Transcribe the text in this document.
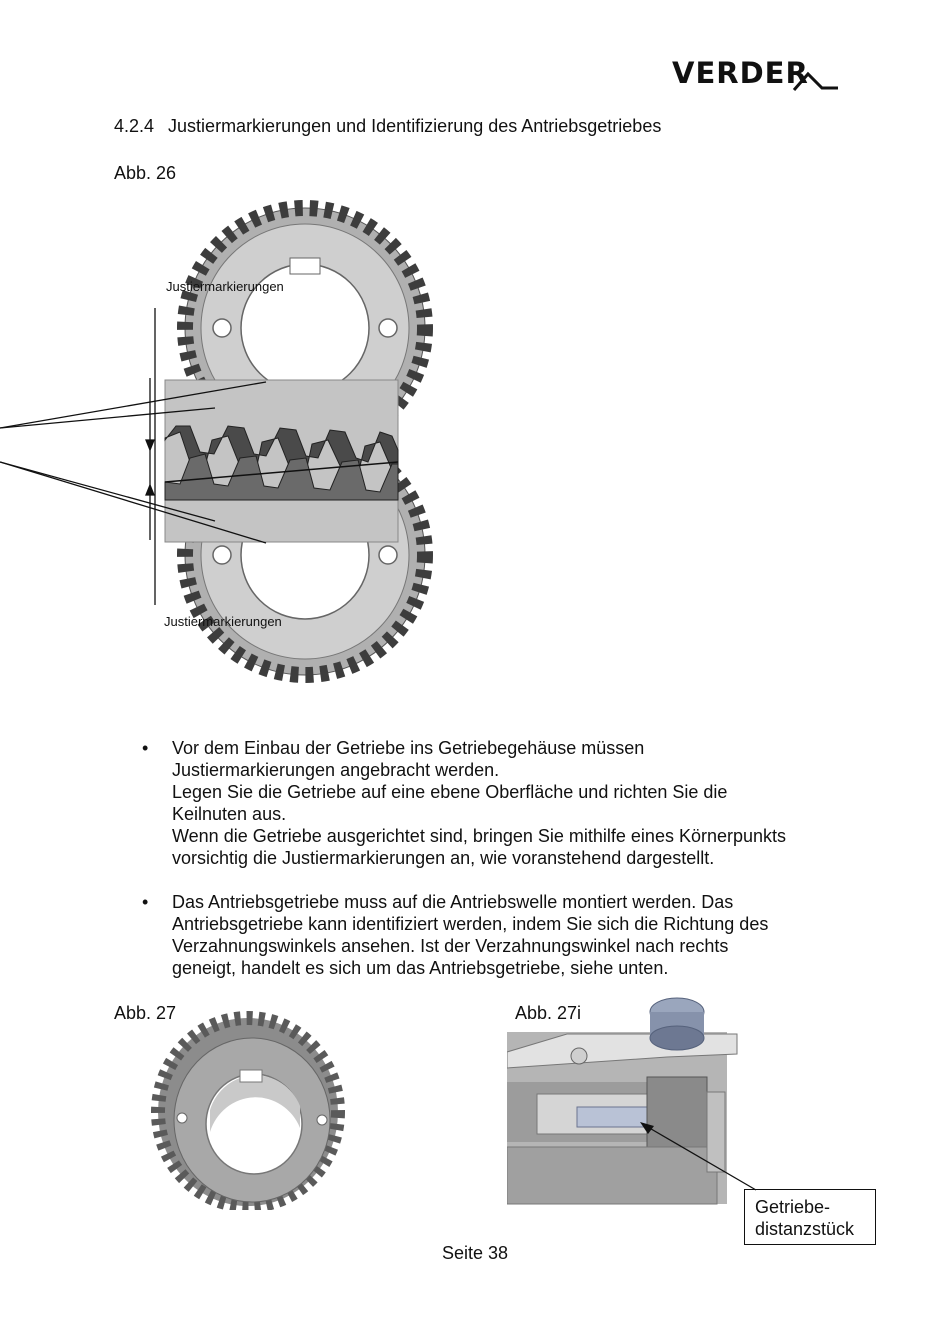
VERDER
4.2.4 Justiermarkierungen und Identifizierung des Antriebsgetriebes
Abb. 26
Justiermarkierungen
Justiermarkierungen
• Vor dem Einbau der Getriebe ins Getriebegehäuse müssen

Justiermarkierungen angebracht werden.

Legen Sie die Getriebe auf eine ebene Oberfläche und richten Sie die

Keilnuten aus.

Wenn die Getriebe ausgerichtet sind, bringen Sie mithilfe eines Körnerpunkts

vorsichtig die Justiermarkierungen an, wie voranstehend dargestellt.

• Das Antriebsgetriebe muss auf die Antriebswelle montiert werden. Das

Antriebsgetriebe kann identifiziert werden, indem Sie sich die Richtung des

Verzahnungswinkels ansehen. Ist der Verzahnungswinkel nach rechts

geneigt, handelt es sich um das Antriebsgetriebe, siehe unten.

Abb. 27	Abb. 27i
Getriebe-
distanzstück
Seite 38
